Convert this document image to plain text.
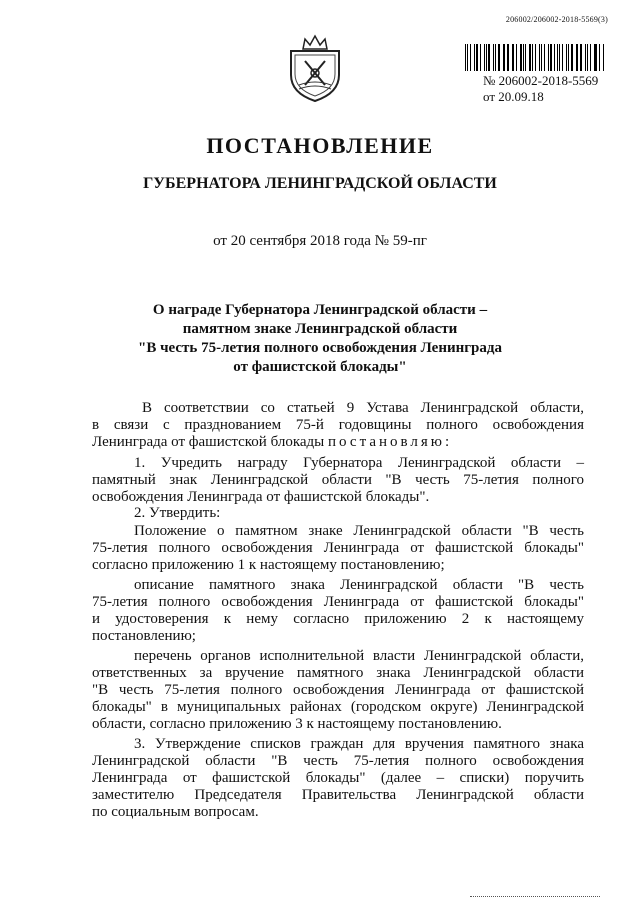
206002/206002-2018-5569(3)
№ 206002-2018-5569
от 20.09.18
ПОСТАНОВЛЕНИЕ
ГУБЕРНАТОРА ЛЕНИНГРАДСКОЙ ОБЛАСТИ
от 20 сентября 2018 года № 59-пг
О награде Губернатора Ленинградской области –
памятном знаке Ленинградской области
"В честь 75-летия полного освобождения Ленинграда
от фашистской блокады"
В соответствии со статьей 9 Устава Ленинградской области,
в связи с празднованием 75-й годовщины полного освобождения
Ленинграда от фашистской блокады постановляю:
1. Учредить награду Губернатора Ленинградской области –
памятный знак Ленинградской области "В честь 75-летия полного
освобождения Ленинграда от фашистской блокады".
2. Утвердить:
Положение о памятном знаке Ленинградской области "В честь
75-летия полного освобождения Ленинграда от фашистской блокады"
согласно приложению 1 к настоящему постановлению;
описание памятного знака Ленинградской области "В честь
75-летия полного освобождения Ленинграда от фашистской блокады"
и удостоверения к нему согласно приложению 2 к настоящему
постановлению;
перечень органов исполнительной власти Ленинградской области,
ответственных за вручение памятного знака Ленинградской области
"В честь 75-летия полного освобождения Ленинграда от фашистской
блокады" в муниципальных районах (городском округе) Ленинградской
области, согласно приложению 3 к настоящему постановлению.
3. Утверждение списков граждан для вручения памятного знака
Ленинградской области "В честь 75-летия полного освобождения
Ленинграда от фашистской блокады" (далее – списки) поручить
заместителю Председателя Правительства Ленинградской области
по социальным вопросам.
